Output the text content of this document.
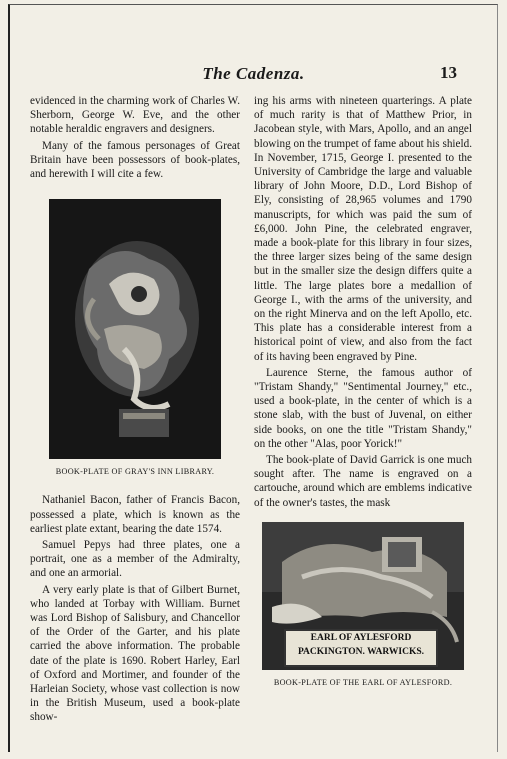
The Cadenza.	13

evidenced in the charming work of Charles W. Sherborn, George W. Eve, and the other notable heraldic engravers and designers.

Many of the famous personages of Great Britain have been possessors of book-plates, and herewith I will cite a few.

BOOK-PLATE OF GRAY'S INN LIBRARY.

Nathaniel Bacon, father of Francis Bacon, possessed a plate, which is known as the earliest plate extant, bearing the date 1574.

Samuel Pepys had three plates, one a portrait, one as a member of the Admiralty, and one an armorial.

A very early plate is that of Gilbert Burnet, who landed at Torbay with William. Burnet was Lord Bishop of Salisbury, and Chancellor of the Order of the Garter, and his plate carried the above information. The probable date of the plate is 1690. Robert Harley, Earl of Oxford and Mortimer, and founder of the Harleian Society, whose vast collection is now in the British Museum, used a book-plate show-

ing his arms with nineteen quarterings. A plate of much rarity is that of Matthew Prior, in Jacobean style, with Mars, Apollo, and an angel blowing on the trumpet of fame about his shield. In November, 1715, George I. presented to the University of Cambridge the large and valuable library of John Moore, D.D., Lord Bishop of Ely, consisting of 28,965 volumes and 1790 manuscripts, for which was paid the sum of £6,000. John Pine, the celebrated engraver, made a book-plate for this library in four sizes, the three larger sizes being of the same design but in the smaller size the design differs quite a little. The large plates bore a medallion of George I., with the arms of the university, and on the right Minerva and on the left Apollo, etc. This plate has a considerable interest from a historical point of view, and also from the fact of its having been engraved by Pine.

Laurence Sterne, the famous author of "Tristam Shandy," "Sentimental Journey," etc., used a book-plate, in the center of which is a stone slab, with the bust of Juvenal, on either side books, on one the title "Tristam Shandy," on the other "Alas, poor Yorick!"

The book-plate of David Garrick is one much sought after. The name is engraved on a cartouche, around which are emblems indicative of the owner's tastes, the mask

EARL OF AYLESFORD
PACKINGTON. WARWICKS.
BOOK-PLATE OF THE EARL OF AYLESFORD.
